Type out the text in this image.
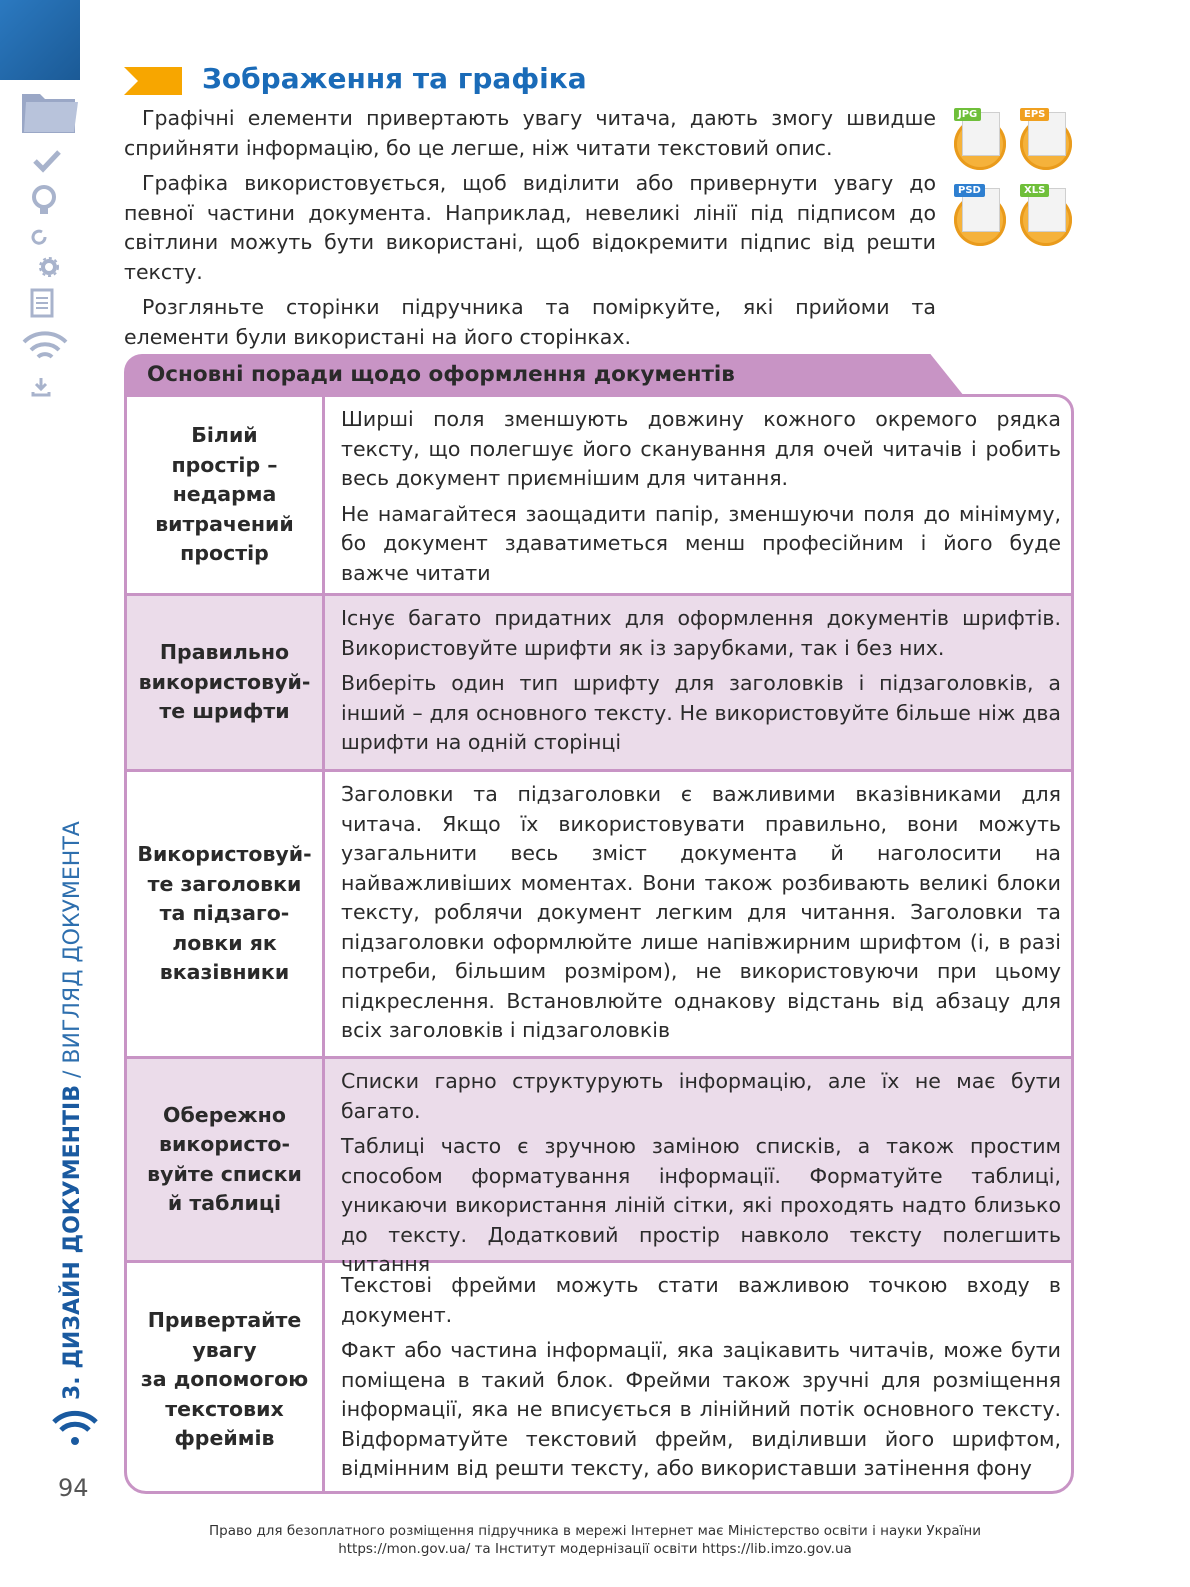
3. ДИЗАЙН ДОКУМЕНТІВ / ВИГЛЯД ДОКУМЕНТА
94
Зображення та графіка

Графічні елементи привертають увагу читача, дають змогу швидше сприйняти інформацію, бо це легше, ніж читати текстовий опис.

Графіка використовується, щоб виділити або привернути увагу до певної частини документа. Наприклад, невеликі лінії під підписом до світлини можуть бути використані, щоб відокремити підпис від решти тексту.

Розгляньте сторінки підручника та поміркуйте, які прийоми та елементи були використані на його сторінках.

JPG	EPS
PSD	XLS
Основні поради щодо оформлення документів
Білий
простір –
недарма
витрачений
простір

Ширші поля зменшують довжину кожного окремого рядка тексту, що полегшує його сканування для очей читачів і робить весь документ приємнішим для читання.

Не намагайтеся заощадити папір, зменшуючи поля до мінімуму, бо документ здаватиметься менш професійним і його буде важче читати

Правильно
використовуй-
те шрифти

Існує багато придатних для оформлення документів шрифтів. Використовуйте шрифти як із зарубками, так і без них.

Виберіть один тип шрифту для заголовків і підзаголовків, а інший – для основного тексту. Не використовуйте більше ніж два шрифти на одній сторінці

Використовуй-
те заголовки
та підзаго-
ловки як
вказівники

Заголовки та підзаголовки є важливими вказівниками для читача. Якщо їх використовувати правильно, вони можуть узагальнити весь зміст документа й наголосити на найважливіших моментах. Вони також розбивають великі блоки тексту, роблячи документ легким для читання. Заголовки та підзаголовки оформлюйте лише напівжирним шрифтом (і, в разі потреби, більшим розміром), не використовуючи при цьому підкреслення. Встановлюйте однакову відстань від абзацу для всіх заголовків і підзаголовків

Обережно
використо-
вуйте списки
й таблиці

Списки гарно структурують інформацію, але їх не має бути багато.

Таблиці часто є зручною заміною списків, а також простим способом форматування інформації. Форматуйте таблиці, уникаючи використання ліній сітки, які проходять надто близько до тексту. Додатковий простір навколо тексту полегшить читання

Привертайте
увагу
за допомогою
текстових
фреймів

Текстові фрейми можуть стати важливою точкою входу в документ.

Факт або частина інформації, яка зацікавить читачів, може бути поміщена в такий блок. Фрейми також зручні для розміщення інформації, яка не вписується в лінійний потік основного тексту. Відформатуйте текстовий фрейм, виділивши його шрифтом, відмінним від решти тексту, або використавши затінення фону

Право для безоплатного розміщення підручника в мережі Інтернет має Міністерство освіти і науки України
https://mon.gov.ua/ та Інститут модернізації освіти https://lib.imzo.gov.ua
